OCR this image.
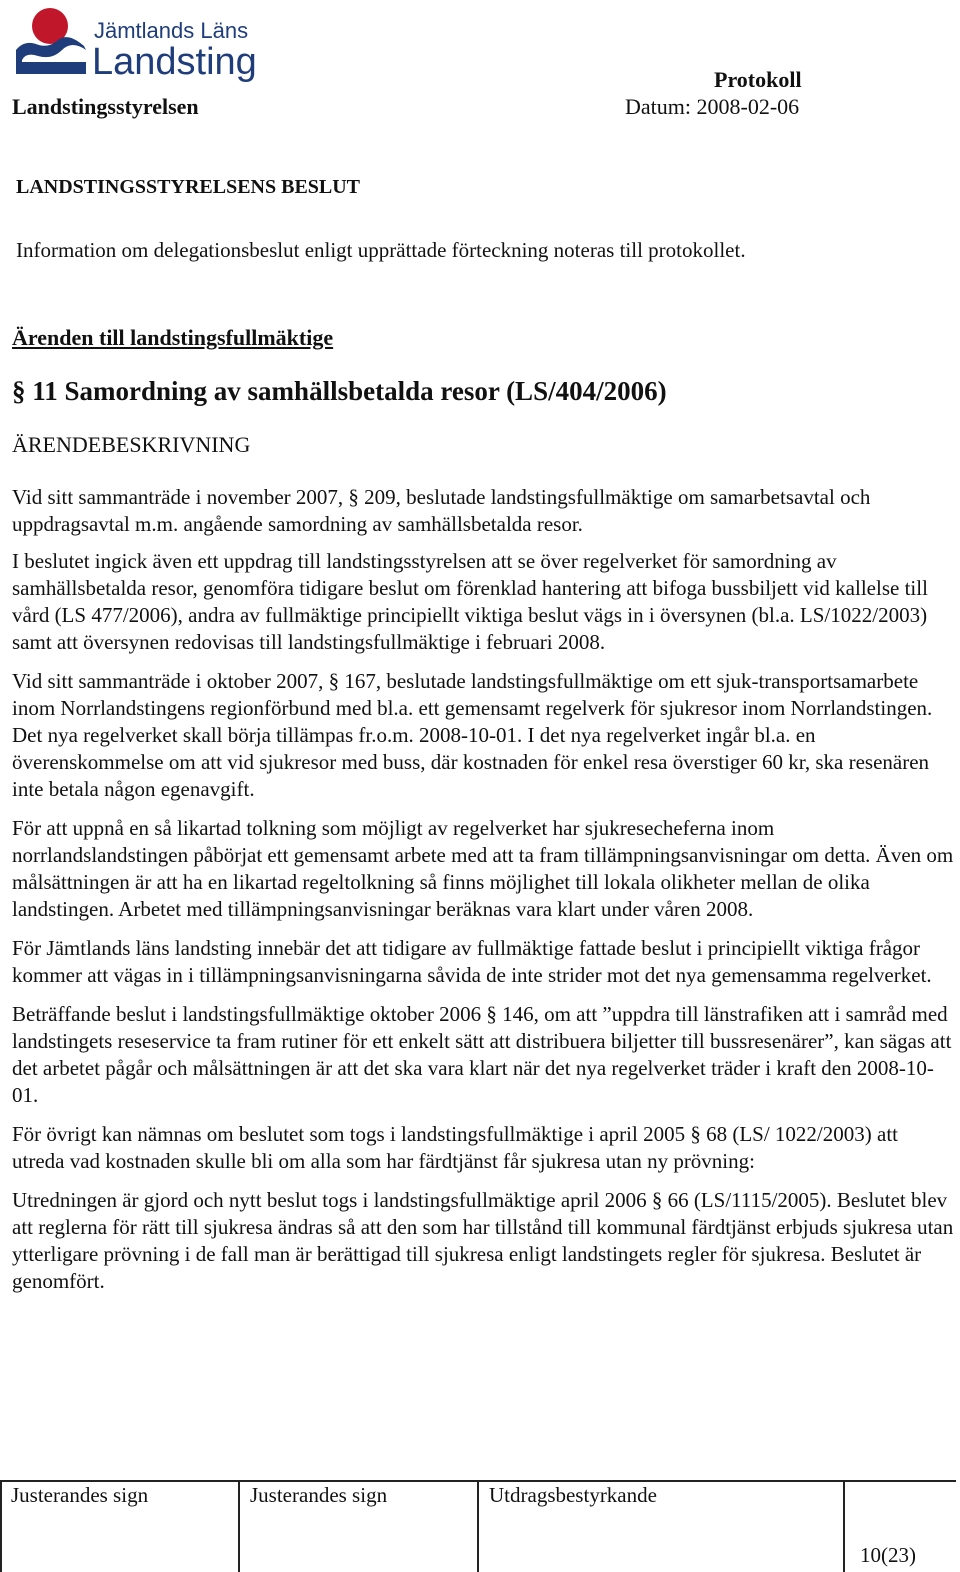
Jämtlands Läns
Landsting
Landstingsstyrelsen
Protokoll
Datum: 2008-02-06
LANDSTINGSSTYRELSENS BESLUT
Information om delegationsbeslut enligt upprättade förteckning noteras till protokollet.
Ärenden till landstingsfullmäktige
§ 11 Samordning av samhällsbetalda resor (LS/404/2006)
ÄRENDEBESKRIVNING

Vid sitt sammanträde i november 2007, § 209, beslutade landstingsfullmäktige om samarbetsavtal och uppdragsavtal m.m. angående samordning av samhällsbetalda resor.

I beslutet ingick även ett uppdrag till landstingsstyrelsen att se över regelverket för samordning av samhällsbetalda resor, genomföra tidigare beslut om förenklad hantering att bifoga bussbiljett vid kallelse till vård (LS 477/2006), andra av fullmäktige principiellt viktiga beslut vägs in i översynen (bl.a. LS/1022/2003) samt att översynen redovisas till landstingsfullmäktige i februari 2008.

Vid sitt sammanträde i oktober 2007, § 167, beslutade landstingsfullmäktige om ett sjuk-transportsamarbete inom Norrlandstingens regionförbund med bl.a. ett gemensamt regelverk för sjukresor inom Norrlandstingen. Det nya regelverket skall börja tillämpas fr.o.m. 2008-10-01. I det nya regelverket ingår bl.a. en överenskommelse om att vid sjukresor med buss, där kostnaden för enkel resa överstiger 60 kr, ska resenären inte betala någon egenavgift.

För att uppnå en så likartad tolkning som möjligt av regelverket har sjukresecheferna inom norrlandslandstingen påbörjat ett gemensamt arbete med att ta fram tillämpningsanvisningar om detta. Även om målsättningen är att ha en likartad regeltolkning så finns möjlighet till lokala olikheter mellan de olika landstingen. Arbetet med tillämpningsanvisningar beräknas vara klart under våren 2008.

För Jämtlands läns landsting innebär det att tidigare av fullmäktige fattade beslut i principiellt viktiga frågor kommer att vägas in i tillämpningsanvisningarna såvida de inte strider mot det nya gemensamma regelverket.

Beträffande beslut i landstingsfullmäktige oktober 2006 § 146, om att ”uppdra till länstrafiken att i samråd med landstingets reseservice ta fram rutiner för ett enkelt sätt att distribuera biljetter till bussresenärer”, kan sägas att det arbetet pågår och målsättningen är att det ska vara klart när det nya regelverket träder i kraft den 2008-10-01.

För övrigt kan nämnas om beslutet som togs i landstingsfullmäktige i april 2005 § 68 (LS/ 1022/2003) att utreda vad kostnaden skulle bli om alla som har färdtjänst får sjukresa utan ny prövning:

Utredningen är gjord och nytt beslut togs i landstingsfullmäktige april 2006 § 66 (LS/1115/2005). Beslutet blev att reglerna för rätt till sjukresa ändras så att den som har tillstånd till kommunal färdtjänst erbjuds sjukresa utan ytterligare prövning i de fall man är berättigad till sjukresa enligt landstingets regler för sjukresa. Beslutet är genomfört.

Justerandes sign	Justerandes sign	Utdragsbestyrkande
10(23)
